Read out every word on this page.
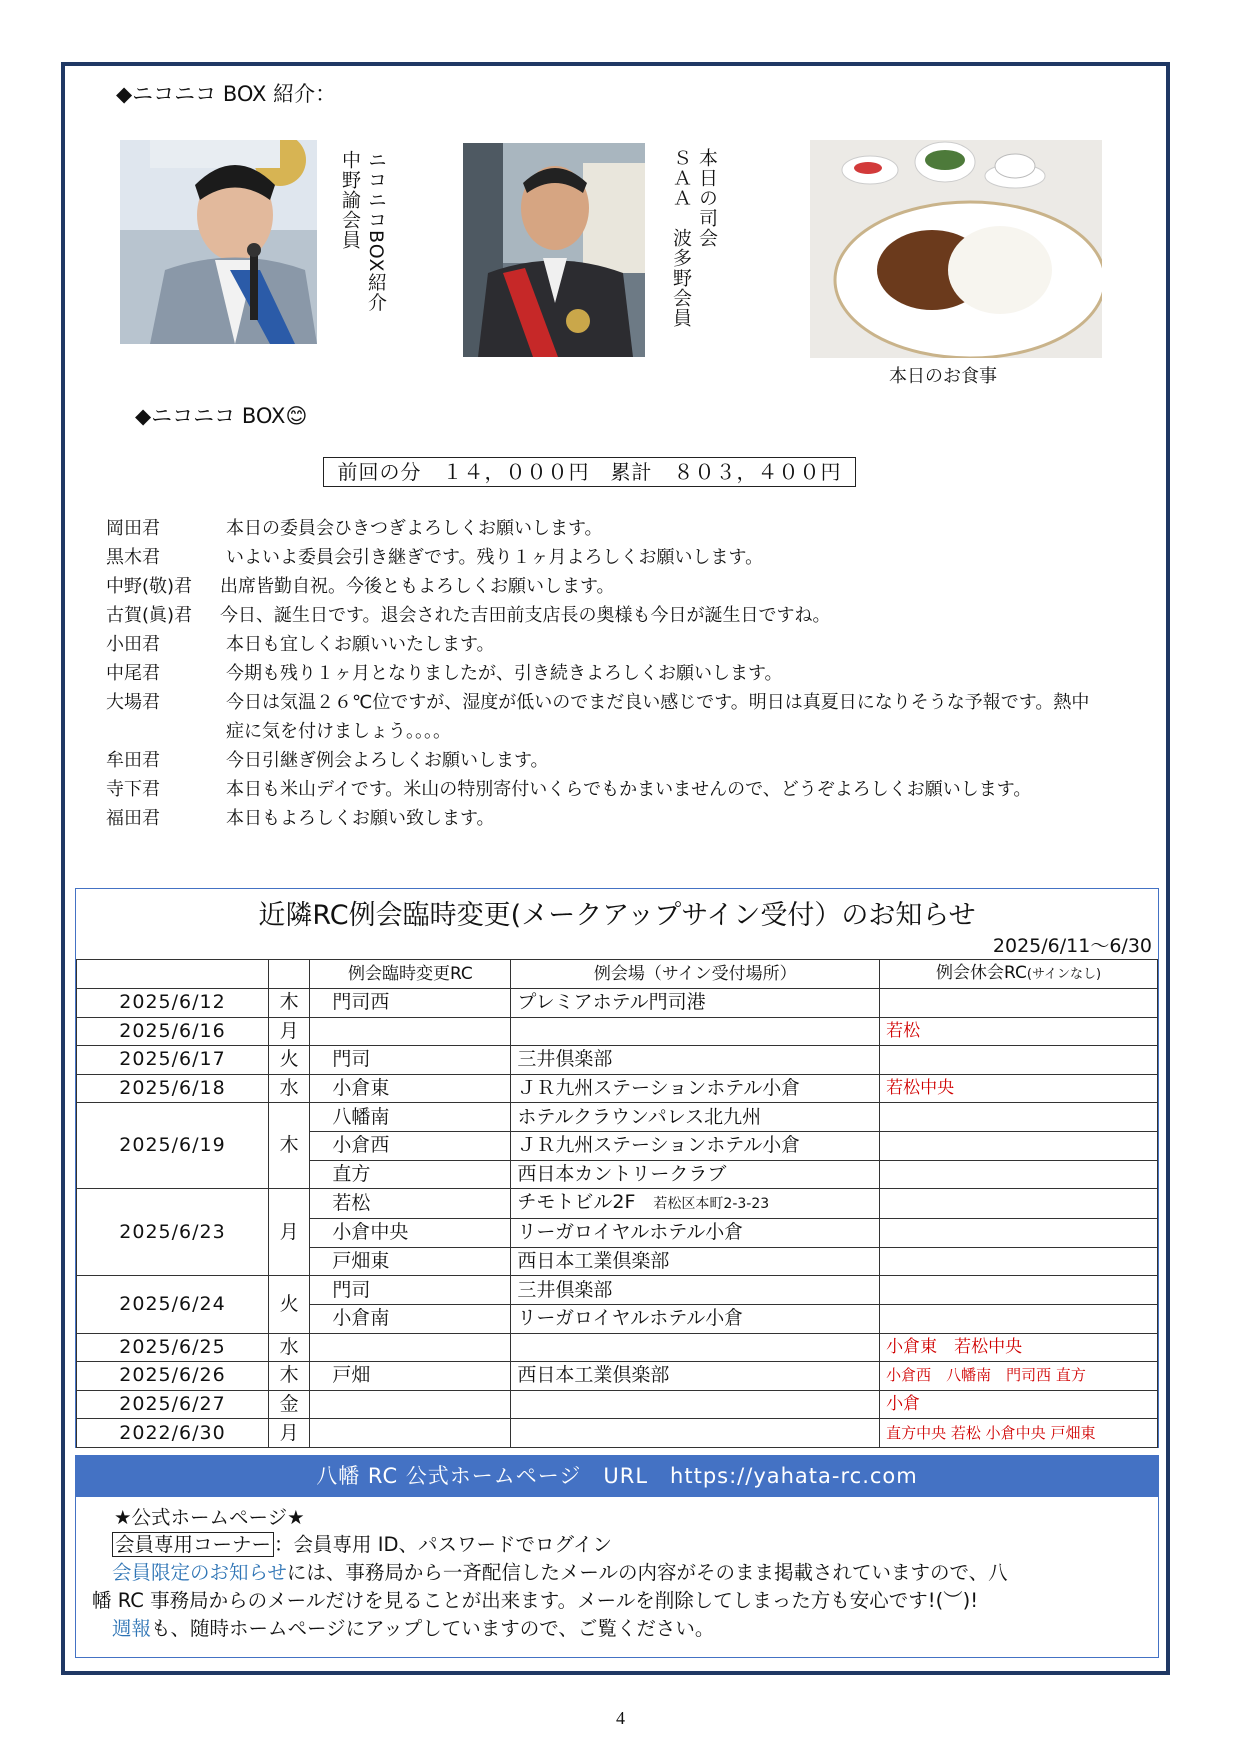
◆ニコニコ BOX 紹介：
ニコニコBOX紹介
中野諭会員	本日の司会
ＳＡＡ　波多野会員
本日のお食事
◆ニコニコ BOX😊
前回の分　１４，０００円　累計　８０３，４００円
岡田君	本日の委員会ひきつぎよろしくお願いします。
黒木君	いよいよ委員会引き継ぎです。残り１ヶ月よろしくお願いします。
中野(敬)君	出席皆勤自祝。今後ともよろしくお願いします。
古賀(眞)君	今日、誕生日です。退会された吉田前支店長の奥様も今日が誕生日ですね。
小田君	本日も宜しくお願いいたします。
中尾君	今期も残り１ヶ月となりましたが、引き続きよろしくお願いします。
大場君	今日は気温２６℃位ですが、湿度が低いのでまだ良い感じです。明日は真夏日になりそうな予報です。熱中症に気を付けましょう。。。。
牟田君	今日引継ぎ例会よろしくお願いします。
寺下君	本日も米山デイです。米山の特別寄付いくらでもかまいませんので、どうぞよろしくお願いします。
福田君	本日もよろしくお願い致します。
近隣RC例会臨時変更(メークアップサイン受付）のお知らせ
2025/6/11～6/30
		例会臨時変更RC	例会場（サイン受付場所）	例会休会RC(サインなし)
2025/6/12	木	門司西	プレミアホテル門司港	
2025/6/16	月			若松
2025/6/17	火	門司	三井倶楽部	
2025/6/18	水	小倉東	ＪＲ九州ステーションホテル小倉	若松中央
2025/6/19	木	八幡南	ホテルクラウンパレス北九州	
		小倉西	ＪＲ九州ステーションホテル小倉	
		直方	西日本カントリークラブ	
2025/6/23	月	若松	チモトビル2F 若松区本町2-3-23	
		小倉中央	リーガロイヤルホテル小倉	
		戸畑東	西日本工業倶楽部	
2025/6/24	火	門司	三井倶楽部	
		小倉南	リーガロイヤルホテル小倉	
2025/6/25	水			小倉東　若松中央
2025/6/26	木	戸畑	西日本工業倶楽部	小倉西　八幡南　門司西 直方
2025/6/27	金			小倉
2022/6/30	月			直方中央 若松 小倉中央 戸畑東
八幡 RC 公式ホームページ　URL　https://yahata-rc.com
★公式ホームページ★
会員専用コーナー ：会員専用 ID、パスワードでログイン
会員限定のお知らせには、事務局から一斉配信したメールの内容がそのまま掲載されていますので、八
幡 RC 事務局からのメールだけを見ることが出来ます。メールを削除してしまった方も安心です!(︶)!
週報も、随時ホームページにアップしていますので、ご覧ください。
4
